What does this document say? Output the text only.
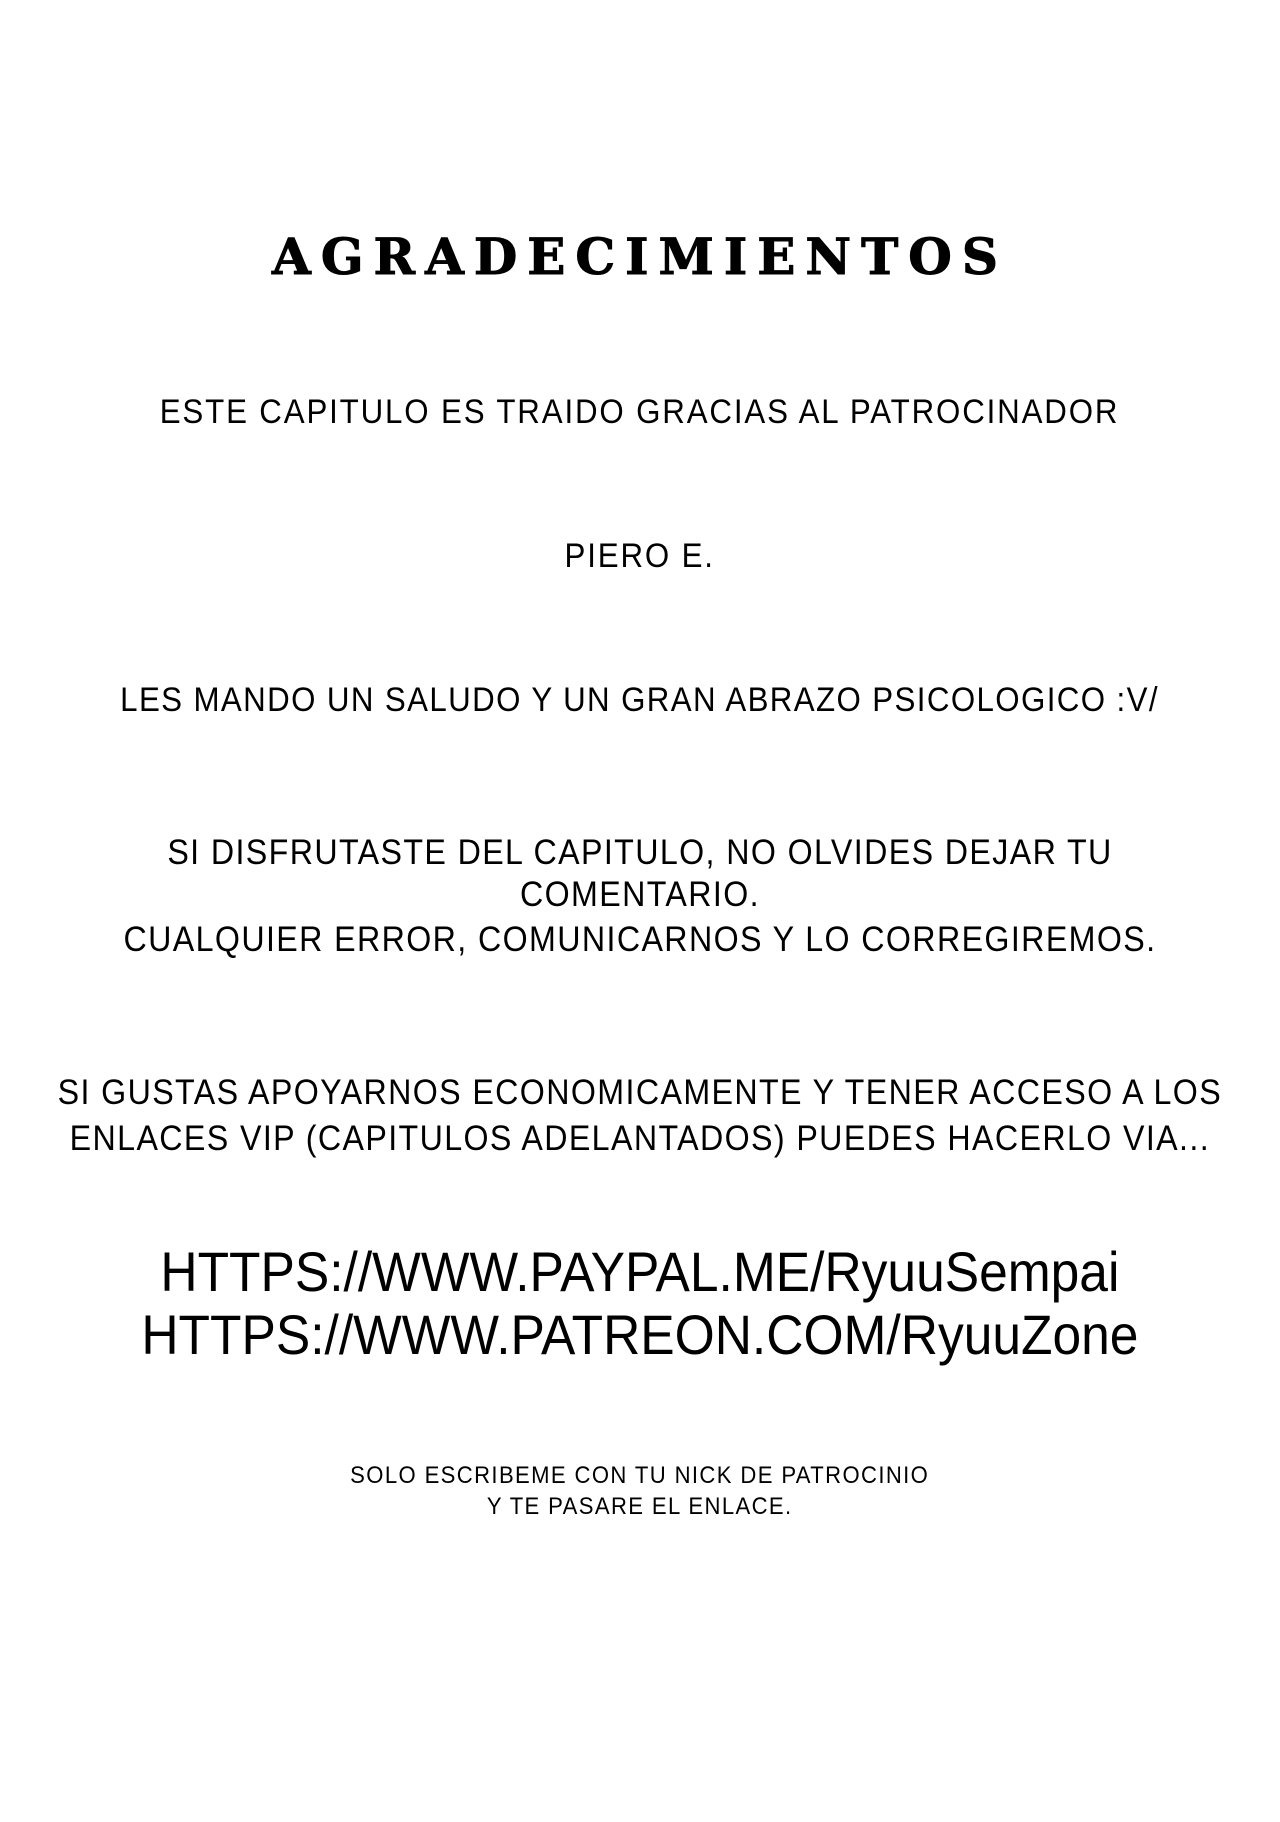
AGRADECIMIENTOS
ESTE CAPITULO ES TRAIDO GRACIAS AL PATROCINADOR
PIERO E.
LES MANDO UN SALUDO Y UN GRAN ABRAZO PSICOLOGICO :V/
SI DISFRUTASTE DEL CAPITULO, NO OLVIDES DEJAR TU COMENTARIO.
CUALQUIER ERROR, COMUNICARNOS Y LO CORREGIREMOS.
SI GUSTAS APOYARNOS ECONOMICAMENTE Y TENER ACCESO A LOS
ENLACES VIP (CAPITULOS ADELANTADOS) PUEDES HACERLO VIA...
HTTPS://WWW.PAYPAL.ME/RyuuSempai
HTTPS://WWW.PATREON.COM/RyuuZone
SOLO ESCRIBEME CON TU NICK DE PATROCINIO
Y TE PASARE EL ENLACE.
